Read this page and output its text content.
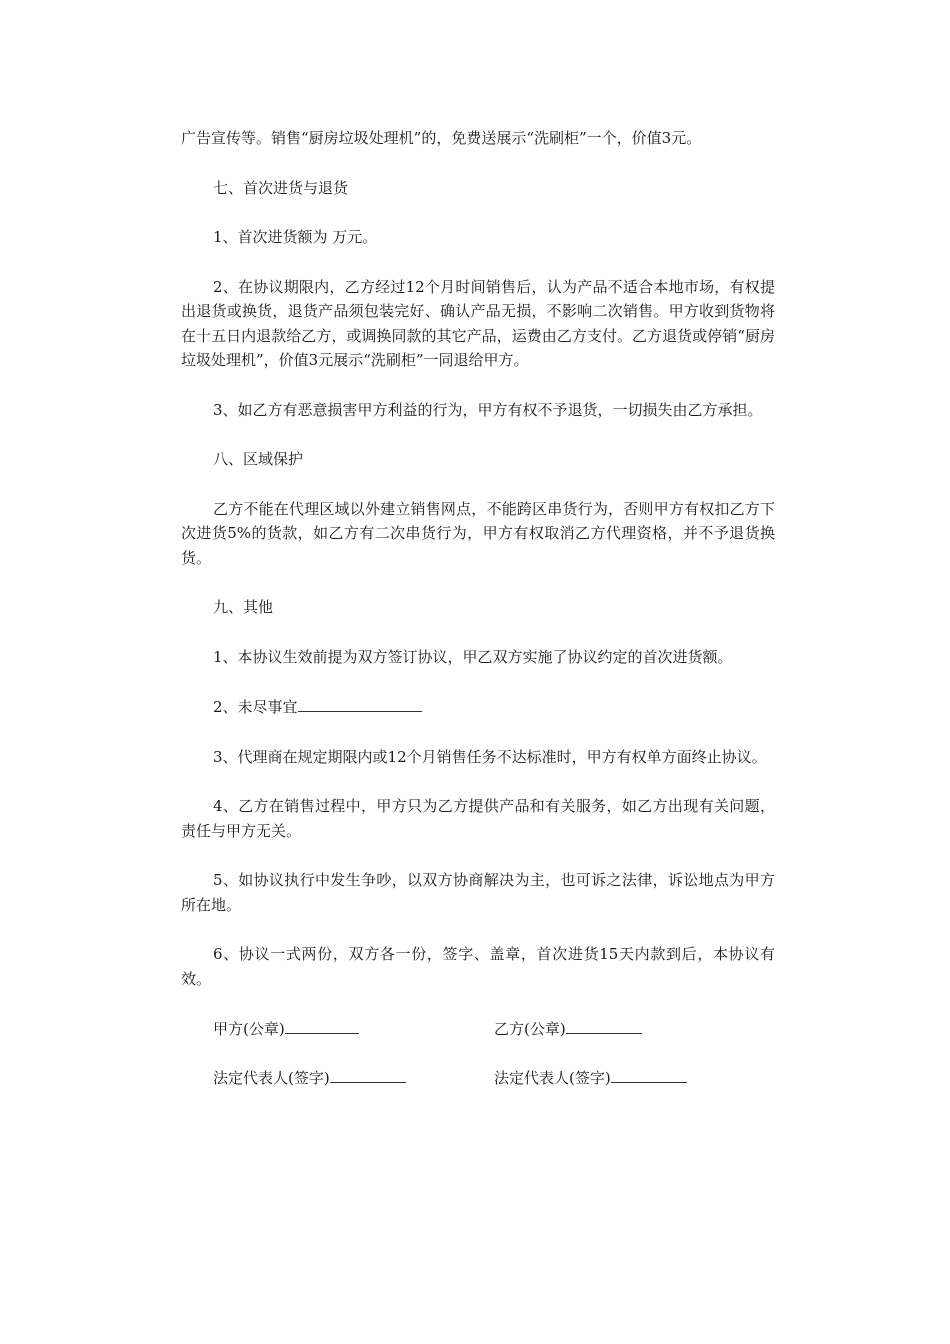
广告宣传等。销售“厨房垃圾处理机”的，免费送展示“洗刷柜”一个，价值3元。

七、首次进货与退货

1、首次进货额为 万元。

2、在协议期限内，乙方经过12个月时间销售后，认为产品不适合本地市场，有权提出退货或换货，退货产品须包装完好、确认产品无损，不影响二次销售。甲方收到货物将在十五日内退款给乙方，或调换同款的其它产品，运费由乙方支付。乙方退货或停销“厨房垃圾处理机”，价值3元展示“洗刷柜”一同退给甲方。

3、如乙方有恶意损害甲方利益的行为，甲方有权不予退货，一切损失由乙方承担。

八、区域保护

乙方不能在代理区域以外建立销售网点，不能跨区串货行为，否则甲方有权扣乙方下次进货5%的货款，如乙方有二次串货行为，甲方有权取消乙方代理资格，并不予退货换货。

九、其他

1、本协议生效前提为双方签订协议，甲乙双方实施了协议约定的首次进货额。

2、未尽事宜

3、代理商在规定期限内或12个月销售任务不达标准时，甲方有权单方面终止协议。

4、乙方在销售过程中，甲方只为乙方提供产品和有关服务，如乙方出现有关问题，责任与甲方无关。

5、如协议执行中发生争吵，以双方协商解决为主，也可诉之法律，诉讼地点为甲方所在地。

6、协议一式两份，双方各一份，签字、盖章，首次进货15天内款到后，本协议有效。

甲方(公章)	乙方(公章)
法定代表人(签字)	法定代表人(签字)
